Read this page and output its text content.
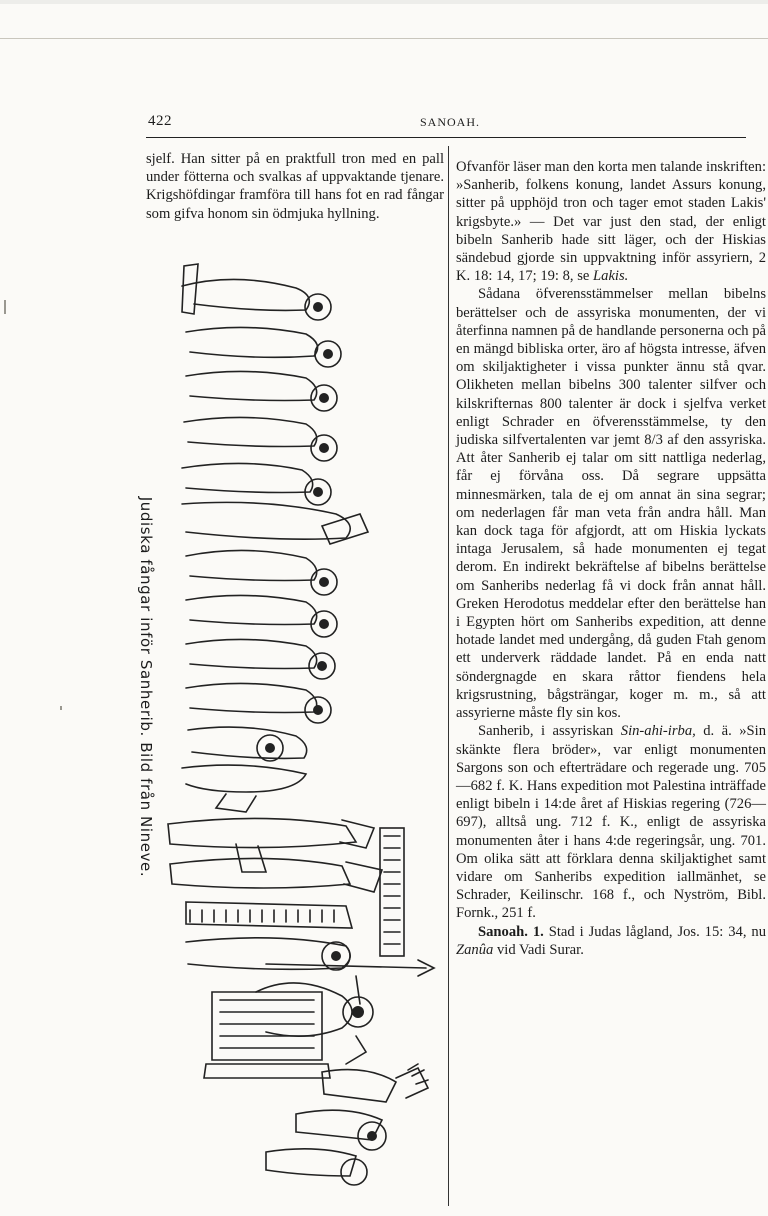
422	SANOAH.

sjelf. Han sitter på en praktfull tron med en pall under fötterna och svalkas af uppvaktande tjenare. Krigshöfdingar framföra till hans fot en rad fångar som gifva honom sin ödmjuka hyllning.

Judiska fångar inför Sanherib. Bild från Nineve.

Ofvanför läser man den korta men talande inskriften: »Sanherib, folkens konung, landet Assurs konung, sitter på upphöjd tron och tager emot staden Lakis' krigsbyte.» — Det var just den stad, der enligt bibeln Sanherib hade sitt läger, och der Hiskias sändebud gjorde sin uppvaktning inför assyriern, 2 K. 18: 14, 17; 19: 8, se Lakis.

Sådana öfverensstämmelser mellan bibelns berättelser och de assyriska monumenten, der vi återfinna namnen på de handlande personerna och på en mängd bibliska orter, äro af högsta intresse, äfven om skiljaktigheter i vissa punkter ännu stå qvar. Olikheten mellan bibelns 300 talenter silfver och kilskrifternas 800 talenter är dock i sjelfva verket enligt Schrader en öfverensstämmelse, ty den judiska silfvertalenten var jemt 8/3 af den assyriska. Att åter Sanherib ej talar om sitt nattliga nederlag, får ej förvåna oss. Då segrare uppsätta minnesmärken, tala de ej om annat än sina segrar; om nederlagen får man veta från andra håll. Man kan dock taga för afgjordt, att om Hiskia lyckats intaga Jerusalem, så hade monumenten ej tegat derom. En indirekt bekräftelse af bibelns berättelse om Sanheribs nederlag få vi dock från annat håll. Greken Herodotus meddelar efter den berättelse han i Egypten hört om Sanheribs expedition, att denne hotade landet med undergång, då guden Ftah genom ett underverk räddade landet. På en enda natt söndergnagde en skara råttor fiendens hela krigsrustning, bågsträngar, koger m. m., så att assyrierne måste fly sin kos.

Sanherib, i assyriskan Sin-ahi-irba, d. ä. »Sin skänkte flera bröder», var enligt monumenten Sargons son och efterträdare och regerade ung. 705—682 f. K. Hans expedition mot Palestina inträffade enligt bibeln i 14:de året af Hiskias regering (726—697), alltså ung. 712 f. K., enligt de assyriska monumenten åter i hans 4:de regeringsår, ung. 701. Om olika sätt att förklara denna skiljaktighet samt vidare om Sanheribs expedition iallmänhet, se Schrader, Keilinschr. 168 f., och Nyström, Bibl. Fornk., 251 f.

Sanoah. 1. Stad i Judas lågland, Jos. 15: 34, nu Zanûa vid Vadi Surar.
